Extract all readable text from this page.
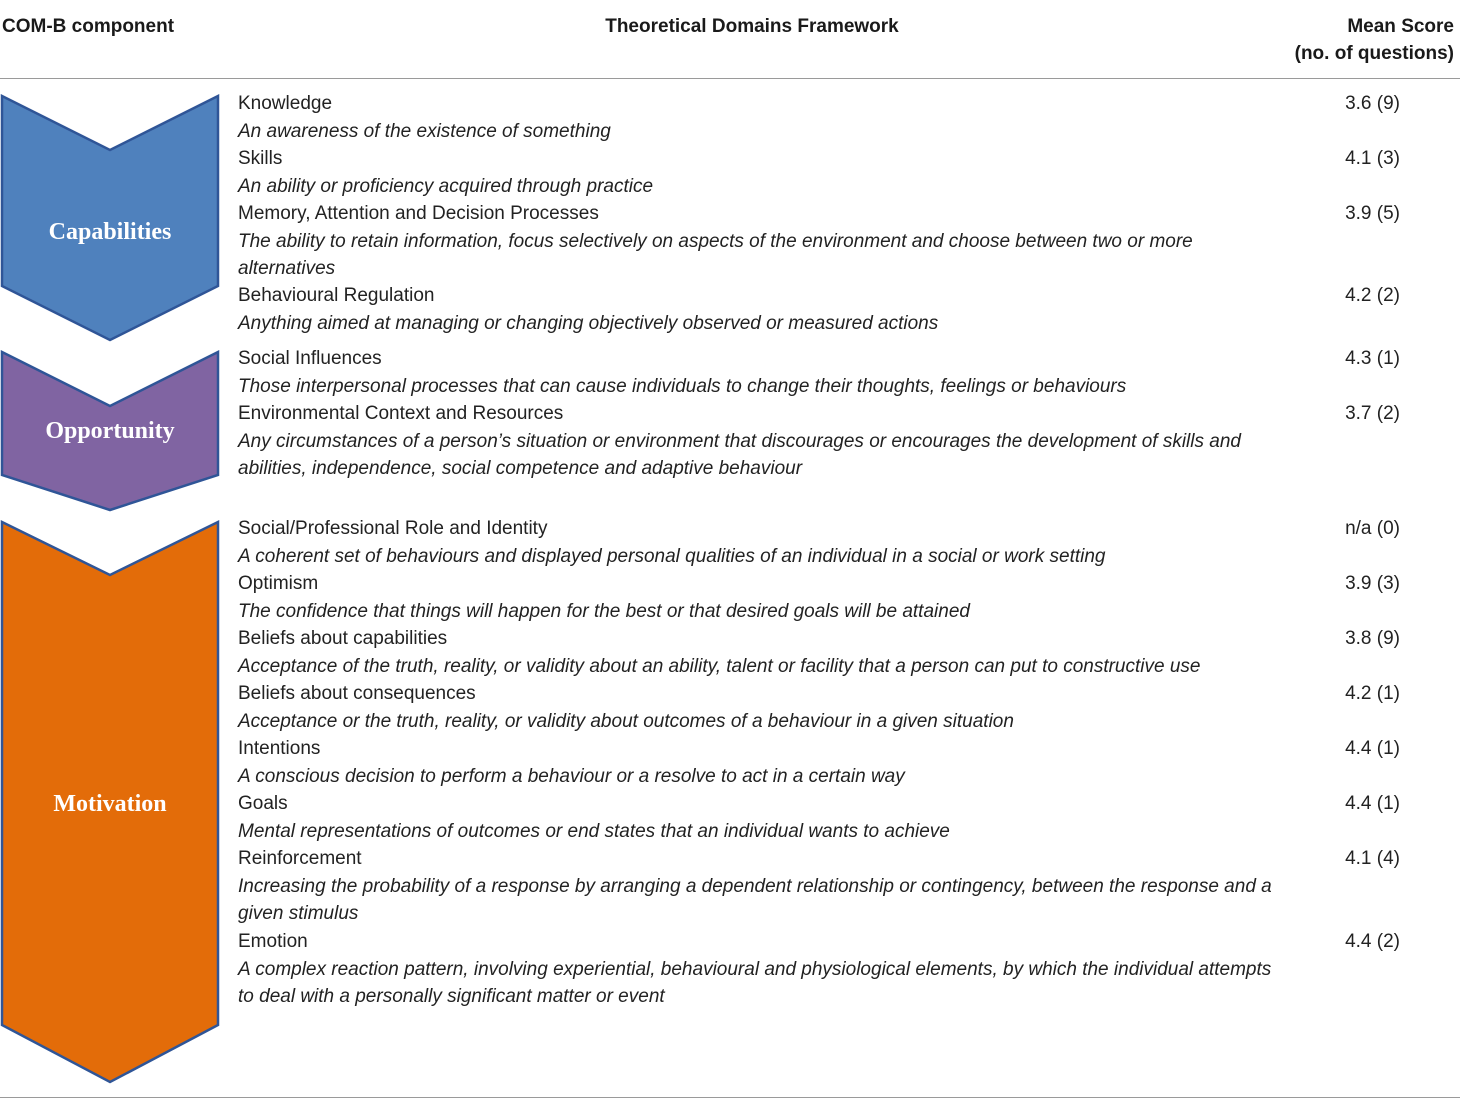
COM-B component	Theoretical Domains Framework	Mean Score
(no. of questions)
Capabilities
Opportunity
Motivation
Knowledge
An awareness of the existence of something
3.6 (9)
Skills
An ability or proficiency acquired through practice
4.1 (3)
Memory, Attention and Decision Processes
The ability to retain information, focus selectively on aspects of the environment and choose between two or more alternatives
3.9 (5)
Behavioural Regulation
Anything aimed at managing or changing objectively observed or measured actions
4.2 (2)
Social Influences
Those interpersonal processes that can cause individuals to change their thoughts, feelings or behaviours
4.3 (1)
Environmental Context and Resources
Any circumstances of a person’s situation or environment that discourages or encourages the development of skills and abilities, independence, social competence and adaptive behaviour
3.7 (2)
Social/Professional Role and Identity
A coherent set of behaviours and displayed personal qualities of an individual in a social or work setting
n/a (0)
Optimism
The confidence that things will happen for the best or that desired goals will be attained
3.9 (3)
Beliefs about capabilities
Acceptance of the truth, reality, or validity about an ability, talent or facility that a person can put to constructive use
3.8 (9)
Beliefs about consequences
Acceptance or the truth, reality, or validity about outcomes of a behaviour in a given situation
4.2 (1)
Intentions
A conscious decision to perform a behaviour or a resolve to act in a certain way
4.4 (1)
Goals
Mental representations of outcomes or end states that an individual wants to achieve
4.4 (1)
Reinforcement
Increasing the probability of a response by arranging a dependent relationship or contingency, between the response and a given stimulus
4.1 (4)
Emotion
A complex reaction pattern, involving experiential, behavioural and physiological elements, by which the individual attempts to deal with a personally significant matter or event
4.4 (2)
